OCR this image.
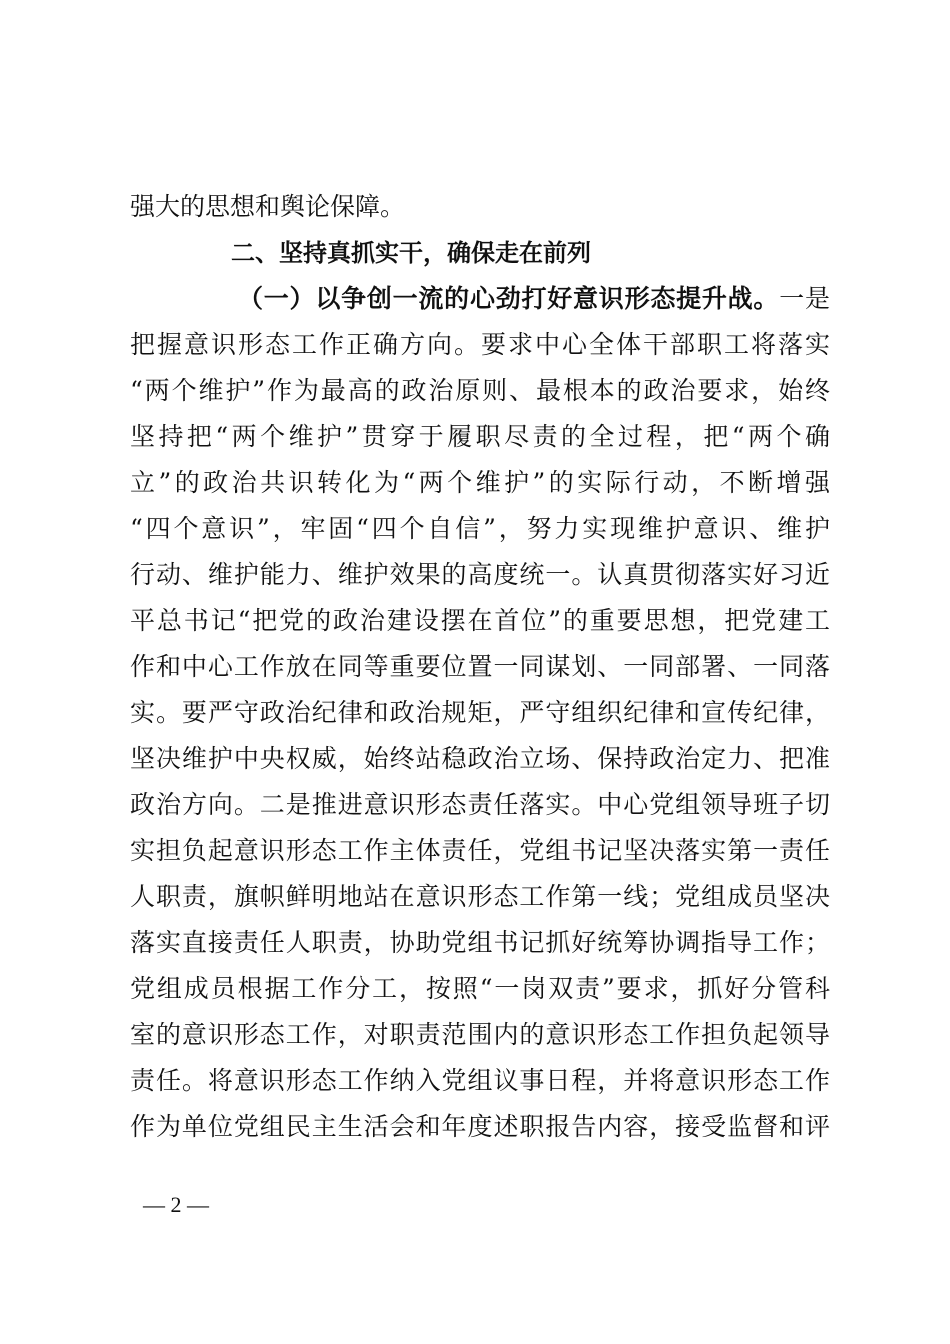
强大的思想和舆论保障。
二、坚持真抓实干，确保走在前列
（一）以争创一流的心劲打好意识形态提升战。一是
把握意识形态工作正确方向。要求中心全体干部职工将落实
“两个维护”作为最高的政治原则、最根本的政治要求，始终
坚持把“两个维护”贯穿于履职尽责的全过程，把“两个确
立”的政治共识转化为“两个维护”的实际行动，不断增强
“四个意识”，牢固“四个自信”，努力实现维护意识、维护
行动、维护能力、维护效果的高度统一。认真贯彻落实好习近
平总书记“把党的政治建设摆在首位”的重要思想，把党建工
作和中心工作放在同等重要位置一同谋划、一同部署、一同落
实。要严守政治纪律和政治规矩，严守组织纪律和宣传纪律，
坚决维护中央权威，始终站稳政治立场、保持政治定力、把准
政治方向。二是推进意识形态责任落实。中心党组领导班子切
实担负起意识形态工作主体责任，党组书记坚决落实第一责任
人职责，旗帜鲜明地站在意识形态工作第一线；党组成员坚决
落实直接责任人职责，协助党组书记抓好统筹协调指导工作；
党组成员根据工作分工，按照“一岗双责”要求，抓好分管科
室的意识形态工作，对职责范围内的意识形态工作担负起领导
责任。将意识形态工作纳入党组议事日程，并将意识形态工作
作为单位党组民主生活会和年度述职报告内容，接受监督和评
— 2 —
